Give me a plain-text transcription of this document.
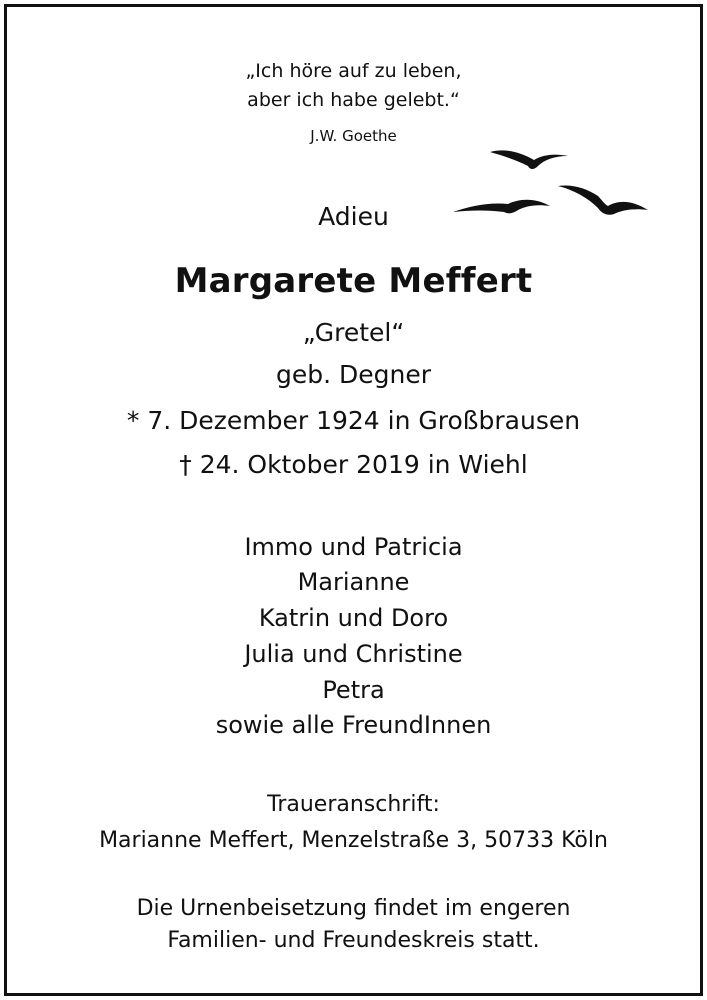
„Ich höre auf zu leben,
aber ich habe gelebt.“
J.W. Goethe
Adieu
Margarete Meffert
„Gretel“
geb. Degner
* 7. Dezember 1924 in Großbrausen
† 24. Oktober 2019 in Wiehl
Immo und Patricia
Marianne
Katrin und Doro
Julia und Christine
Petra
sowie alle FreundInnen
Traueranschrift:
Marianne Meffert, Menzelstraße 3, 50733 Köln
Die Urnenbeisetzung findet im engeren
Familien- und Freundeskreis statt.
